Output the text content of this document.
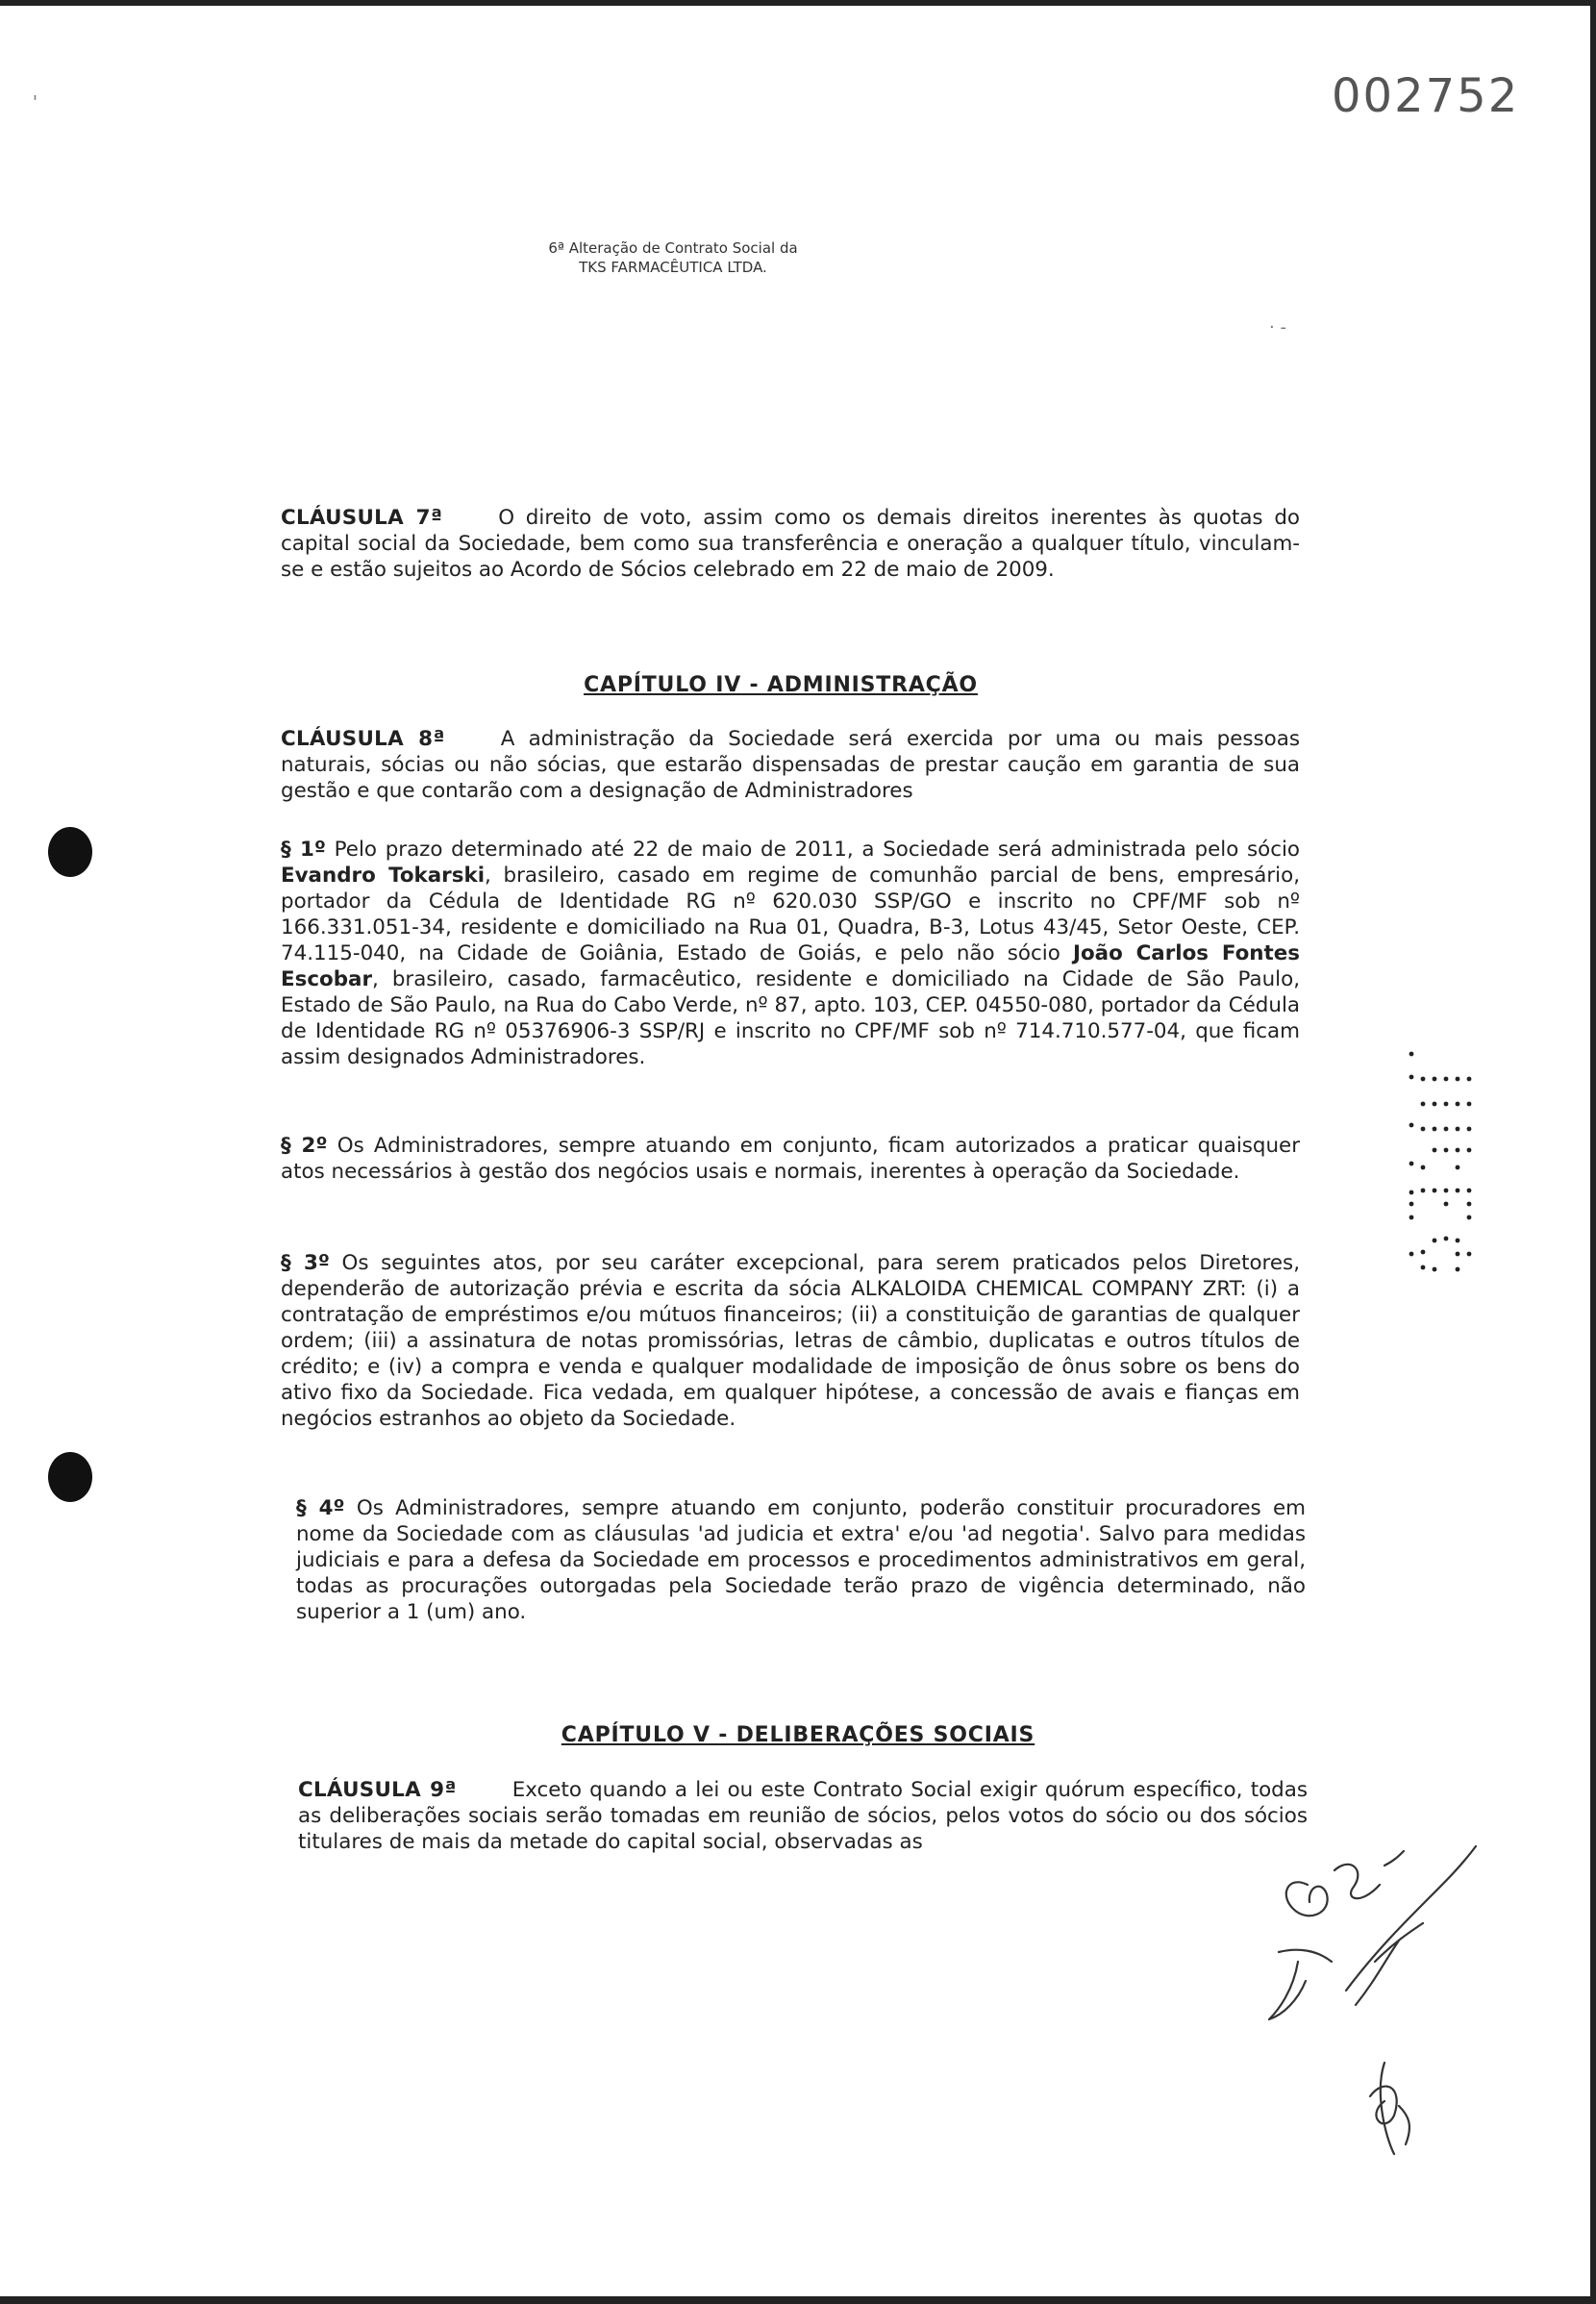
002752
6ª Alteração de Contrato Social da
TKS FARMACÊUTICA LTDA.
· -
'

CLÁUSULA 7ª	O direito de voto, assim como os demais direitos inerentes às quotas do capital social da Sociedade, bem como sua transferência e oneração a qualquer título, vinculam-se e estão sujeitos ao Acordo de Sócios celebrado em 22 de maio de 2009.

CAPÍTULO IV - ADMINISTRAÇÃO

CLÁUSULA 8ª	A administração da Sociedade será exercida por uma ou mais pessoas naturais, sócias ou não sócias, que estarão dispensadas de prestar caução em garantia de sua gestão e que contarão com a designação de Administradores

§ 1º Pelo prazo determinado até 22 de maio de 2011, a Sociedade será administrada pelo sócio Evandro Tokarski, brasileiro, casado em regime de comunhão parcial de bens, empresário, portador da Cédula de Identidade RG nº 620.030 SSP/GO e inscrito no CPF/MF sob nº 166.331.051-34, residente e domiciliado na Rua 01, Quadra, B-3, Lotus 43/45, Setor Oeste, CEP. 74.115-040, na Cidade de Goiânia, Estado de Goiás, e pelo não sócio João Carlos Fontes Escobar, brasileiro, casado, farmacêutico, residente e domiciliado na Cidade de São Paulo, Estado de São Paulo, na Rua do Cabo Verde, nº 87, apto. 103, CEP. 04550-080, portador da Cédula de Identidade RG nº 05376906-3 SSP/RJ e inscrito no CPF/MF sob nº 714.710.577-04, que ficam assim designados Administradores.

§ 2º Os Administradores, sempre atuando em conjunto, ficam autorizados a praticar quaisquer atos necessários à gestão dos negócios usais e normais, inerentes à operação da Sociedade.

§ 3º Os seguintes atos, por seu caráter excepcional, para serem praticados pelos Diretores, dependerão de autorização prévia e escrita da sócia ALKALOIDA CHEMICAL COMPANY ZRT: (i) a contratação de empréstimos e/ou mútuos financeiros; (ii) a constituição de garantias de qualquer ordem; (iii) a assinatura de notas promissórias, letras de câmbio, duplicatas e outros títulos de crédito; e (iv) a compra e venda e qualquer modalidade de imposição de ônus sobre os bens do ativo fixo da Sociedade. Fica vedada, em qualquer hipótese, a concessão de avais e fianças em negócios estranhos ao objeto da Sociedade.

§ 4º Os Administradores, sempre atuando em conjunto, poderão constituir procuradores em nome da Sociedade com as cláusulas 'ad judicia et extra' e/ou 'ad negotia'. Salvo para medidas judiciais e para a defesa da Sociedade em processos e procedimentos administrativos em geral, todas as procurações outorgadas pela Sociedade terão prazo de vigência determinado, não superior a 1 (um) ano.

CAPÍTULO V - DELIBERAÇÕES SOCIAIS

CLÁUSULA 9ª	Exceto quando a lei ou este Contrato Social exigir quórum específico, todas as deliberações sociais serão tomadas em reunião de sócios, pelos votos do sócio ou dos sócios titulares de mais da metade do capital social, observadas as
